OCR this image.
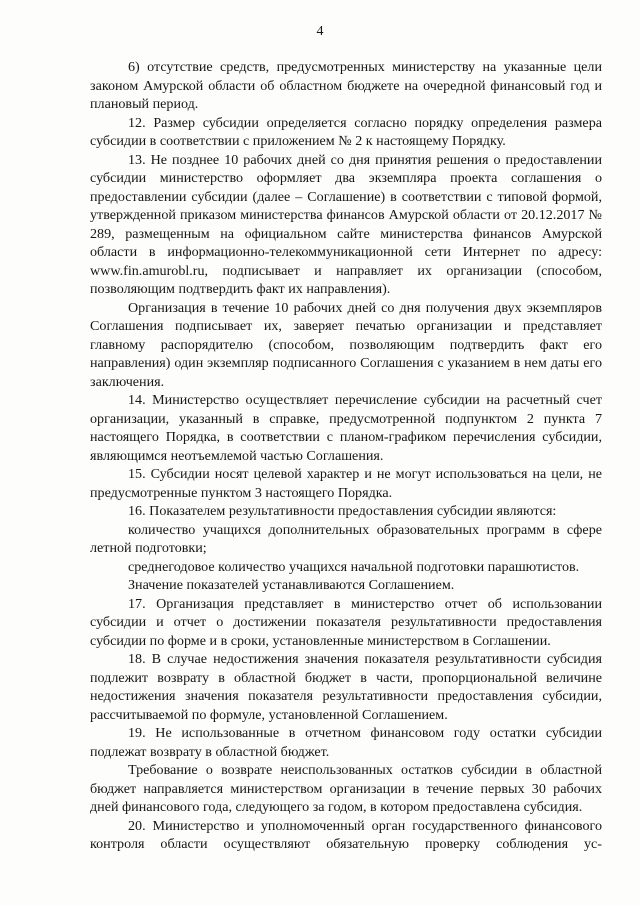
4

6) отсутствие средств, предусмотренных министерству на указанные цели законом Амурской области об областном бюджете на очередной финансовый год и плановый период.

12. Размер субсидии определяется согласно порядку определения размера субсидии в соответствии с приложением № 2 к настоящему Порядку.

13. Не позднее 10 рабочих дней со дня принятия решения о предоставлении субсидии министерство оформляет два экземпляра проекта соглашения о предоставлении субсидии (далее – Соглашение) в соответствии с типовой формой, утвержденной приказом министерства финансов Амурской области от 20.12.2017 № 289, размещенным на официальном сайте министерства финансов Амурской области в информационно-телекоммуникационной сети Интернет по адресу: www.fin.amurobl.ru, подписывает и направляет их организации (способом, позволяющим подтвердить факт их направления).

Организация в течение 10 рабочих дней со дня получения двух экземпляров Соглашения подписывает их, заверяет печатью организации и представляет главному распорядителю (способом, позволяющим подтвердить факт его направления) один экземпляр подписанного Соглашения с указанием в нем даты его заключения.

14. Министерство осуществляет перечисление субсидии на расчетный счет организации, указанный в справке, предусмотренной подпунктом 2 пункта 7 настоящего Порядка, в соответствии с планом-графиком перечисления субсидии, являющимся неотъемлемой частью Соглашения.

15. Субсидии носят целевой характер и не могут использоваться на цели, не предусмотренные пунктом 3 настоящего Порядка.

16. Показателем результативности предоставления субсидии являются:

количество учащихся дополнительных образовательных программ в сфере летной подготовки;

среднегодовое количество учащихся начальной подготовки парашютистов.

Значение показателей устанавливаются Соглашением.

17. Организация представляет в министерство отчет об использовании субсидии и отчет о достижении показателя результативности предоставления субсидии по форме и в сроки, установленные министерством в Соглашении.

18. В случае недостижения значения показателя результативности субсидия подлежит возврату в областной бюджет в части, пропорциональной величине недостижения значения показателя результативности предоставления субсидии, рассчитываемой по формуле, установленной Соглашением.

19. Не использованные в отчетном финансовом году остатки субсидии подлежат возврату в областной бюджет.

Требование о возврате неиспользованных остатков субсидии в областной бюджет направляется министерством организации в течение первых 30 рабочих дней финансового года, следующего за годом, в котором предоставлена субсидия.

20. Министерство и уполномоченный орган государственного финансового контроля области осуществляют обязательную проверку соблюдения ус-
